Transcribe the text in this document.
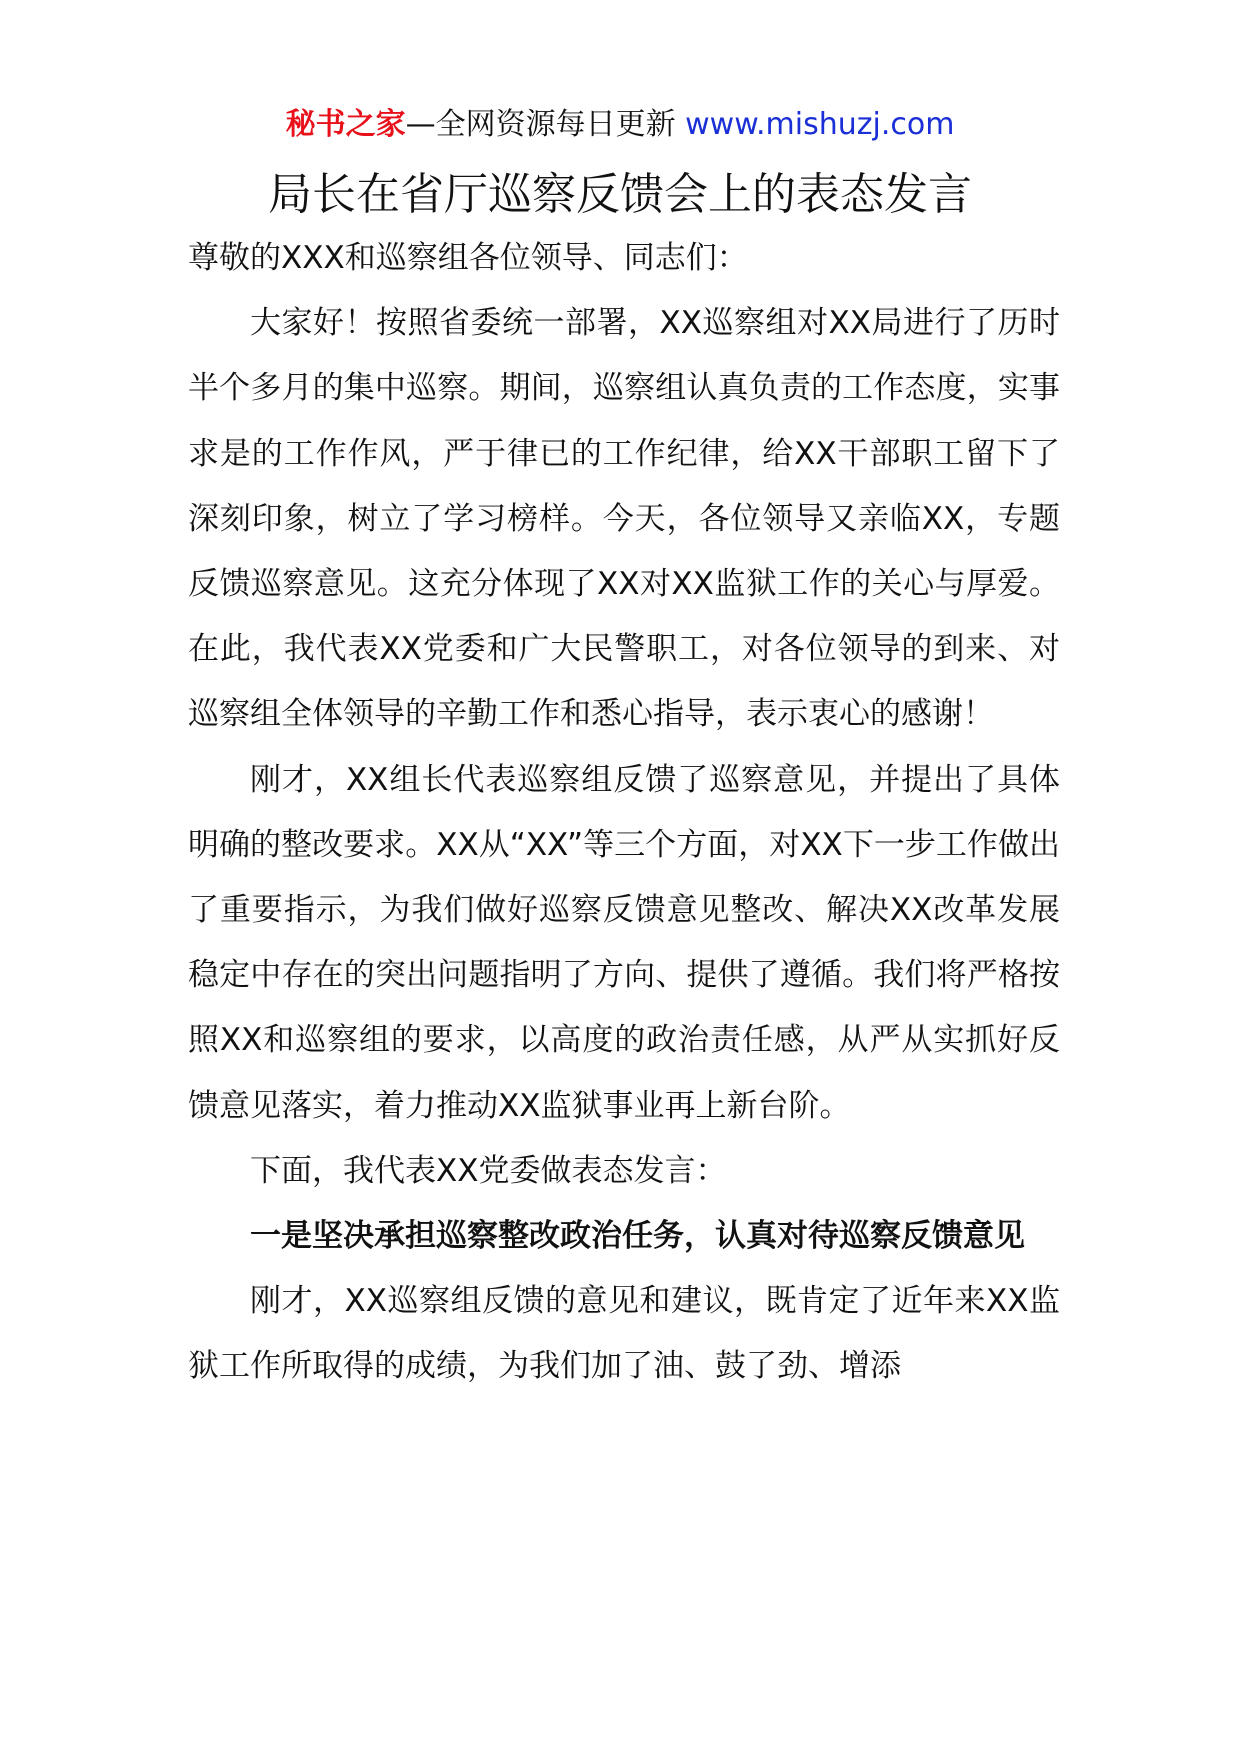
秘书之家—全网资源每日更新 www.mishuzj.com
局长在省厅巡察反馈会上的表态发言

尊敬的XXX和巡察组各位领导、同志们：

大家好！按照省委统一部署，XX巡察组对XX局进行了历时半个多月的集中巡察。期间，巡察组认真负责的工作态度，实事求是的工作作风，严于律已的工作纪律，给XX干部职工留下了深刻印象，树立了学习榜样。今天，各位领导又亲临XX，专题反馈巡察意见。这充分体现了XX对XX监狱工作的关心与厚爱。在此，我代表XX党委和广大民警职工，对各位领导的到来、对巡察组全体领导的辛勤工作和悉心指导，表示衷心的感谢！

刚才，XX组长代表巡察组反馈了巡察意见，并提出了具体明确的整改要求。XX从“XX”等三个方面，对XX下一步工作做出了重要指示，为我们做好巡察反馈意见整改、解决XX改革发展稳定中存在的突出问题指明了方向、提供了遵循。我们将严格按照XX和巡察组的要求，以高度的政治责任感，从严从实抓好反馈意见落实，着力推动XX监狱事业再上新台阶。

下面，我代表XX党委做表态发言：

一是坚决承担巡察整改政治任务，认真对待巡察反馈意见

刚才，XX巡察组反馈的意见和建议，既肯定了近年来XX监狱工作所取得的成绩，为我们加了油、鼓了劲、增添
